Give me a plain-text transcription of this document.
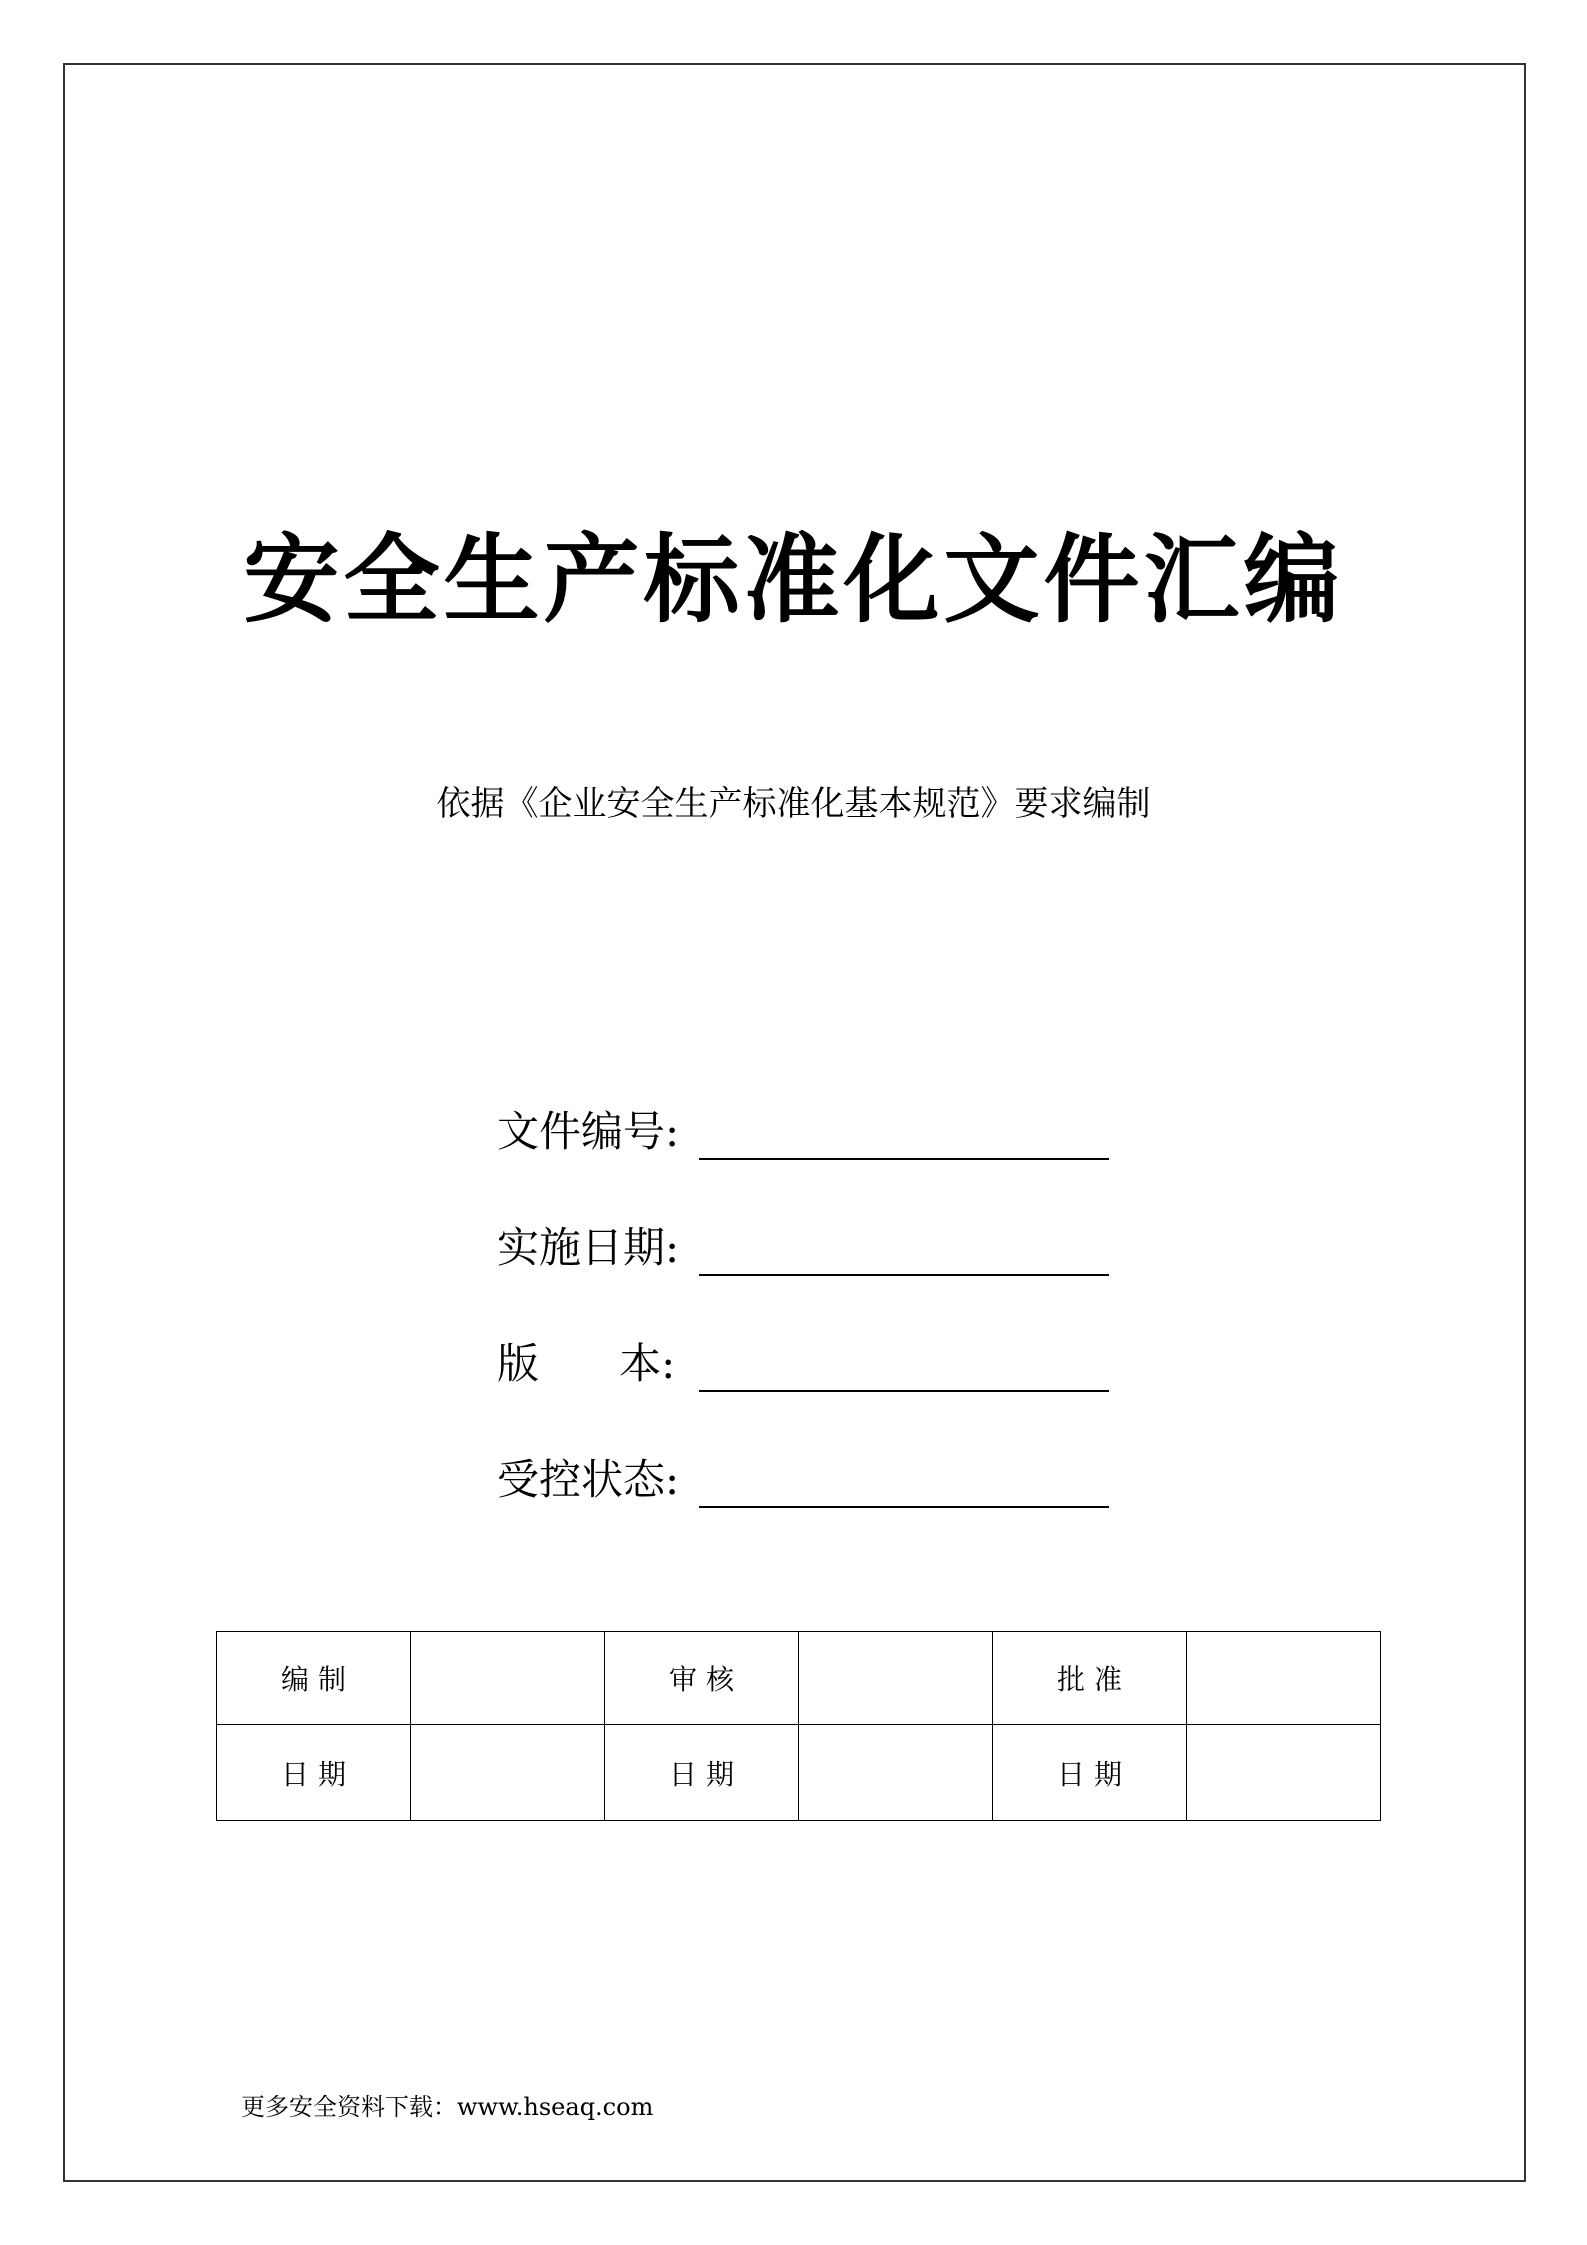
安全生产标准化文件汇编
依据《企业安全生产标准化基本规范》要求编制
文件编号:
实施日期:
版      本:
受控状态:
编 制		审 核		批 准	
日 期		日 期		日 期	
更多安全资料下载：www.hseaq.com
